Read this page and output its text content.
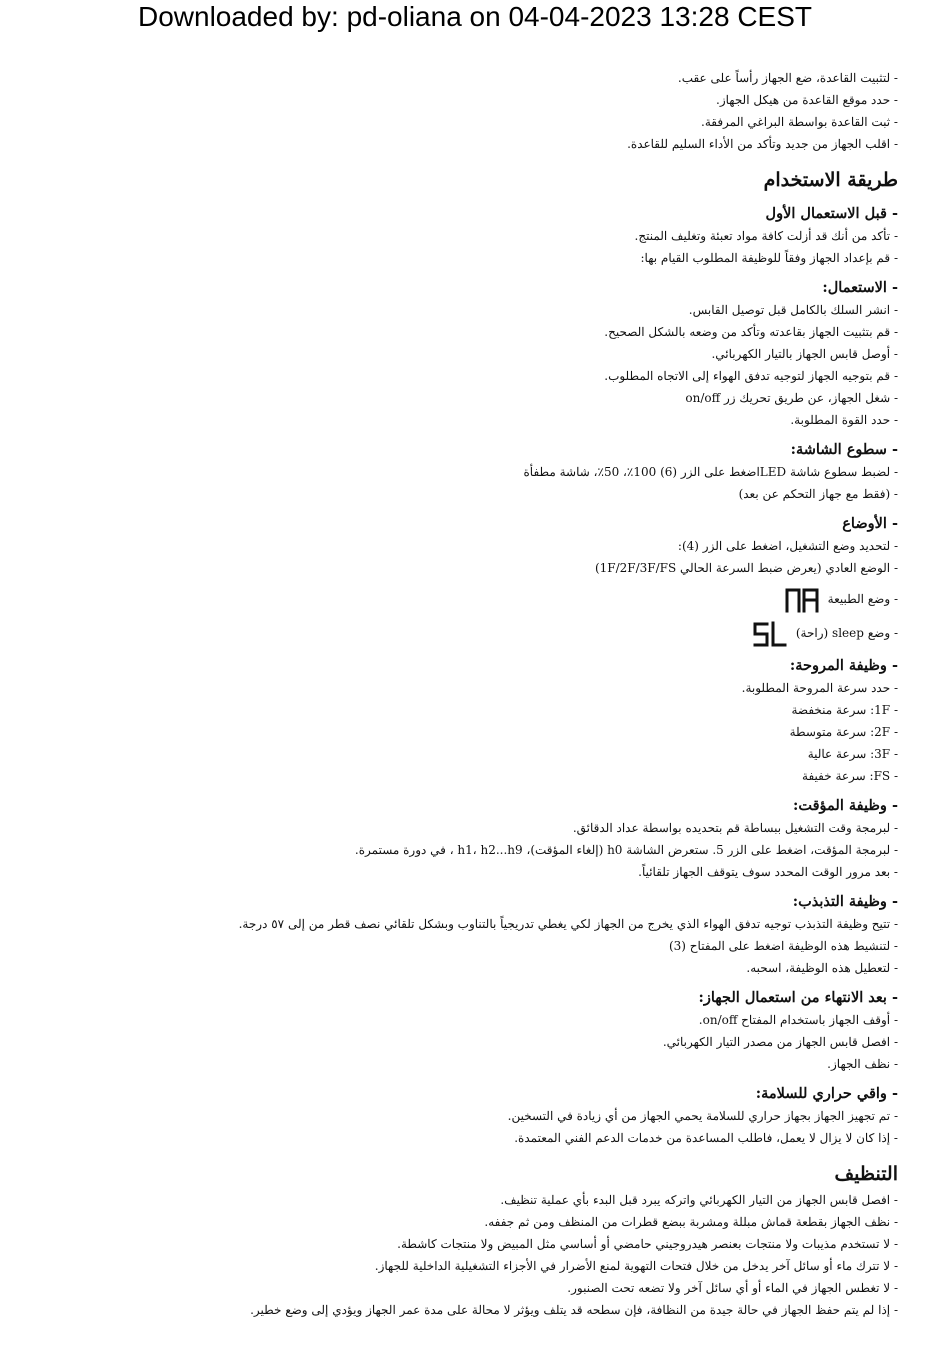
Downloaded by: pd-oliana on 04-04-2023 13:28 CEST
- لتثبيت القاعدة، ضع الجهاز رأساً على عقب.
- حدد موقع القاعدة من هيكل الجهاز.
- ثبت القاعدة بواسطة البراغي المرفقة.
- اقلب الجهاز من جديد وتأكد من الأداء السليم للقاعدة.
طريقة الاستخدام
- قبل الاستعمال الأول
- تأكد من أنك قد أزلت كافة مواد تعبئة وتغليف المنتج.
- قم بإعداد الجهاز وفقاً للوظيفة المطلوب القيام بها:
- الاستعمال:
- انشر السلك بالكامل قبل توصيل القابس.
- قم بتثبيت الجهاز بقاعدته وتأكد من وضعه بالشكل الصحيح.
- أوصل قابس الجهاز بالتيار الكهربائي.
- قم بتوجيه الجهاز لتوجيه تدفق الهواء إلى الاتجاه المطلوب.
- شغل الجهاز، عن طريق تحريك زر on/off
- حدد القوة المطلوبة.
- سطوع الشاشة:
- لضبط سطوع شاشة LEDاضغط على الزر (6) 100٪، 50٪، شاشة مطفأة
- (فقط مع جهاز التحكم عن بعد)
- الأوضاع
- لتحديد وضع التشغيل، اضغط على الزر (4):
- الوضع العادي (يعرض ضبط السرعة الحالي 1F/2F/3F/FS)
- وضع الطبيعة
- وضع sleep (راحة)
- وظيفة المروحة:
- حدد سرعة المروحة المطلوبة.
- 1F: سرعة منخفضة
- 2F: سرعة متوسطة
- 3F: سرعة عالية
- FS: سرعة خفيفة
- وظيفة المؤقت:
- لبرمجة وقت التشغيل ببساطة قم بتحديده بواسطة عداد الدقائق.
- لبرمجة المؤقت، اضغط على الزر 5. ستعرض الشاشة h0 (إلغاء المؤقت)، h1، h2...h9 ، في دورة مستمرة.
- بعد مرور الوقت المحدد سوف يتوقف الجهاز تلقائياً.
- وظيفة التذبذب:
- تتيح وظيفة التذبذب توجيه تدفق الهواء الذي يخرج من الجهاز لكي يغطي تدريجياً بالتناوب وبشكل تلقائي نصف قطر من إلى ٥٧ درجة.
- لتنشيط هذه الوظيفة اضغط على المفتاح (3)
- لتعطيل هذه الوظيفة، اسحبه.
- بعد الانتهاء من استعمال الجهاز:
- أوقف الجهاز باستخدام المفتاح on/off.
- افصل قابس الجهاز من مصدر التيار الكهربائي.
- نظف الجهاز.
- واقي حراري للسلامة:
- تم تجهيز الجهاز بجهاز حراري للسلامة يحمي الجهاز من أي زيادة في التسخين.
- إذا كان لا يزال لا يعمل، فاطلب المساعدة من خدمات الدعم الفني المعتمدة.
التنظيف
- افصل قابس الجهاز من التيار الكهربائي واتركه يبرد قبل البدء بأي عملية تنظيف.
- نظف الجهاز بقطعة قماش مبللة ومشربة ببضع قطرات من المنظف ومن ثم جففه.
- لا تستخدم مذيبات ولا منتجات بعنصر هيدروجيني حامضي أو أساسي مثل المبيض ولا منتجات كاشطة.
- لا تترك ماء أو سائل آخر يدخل من خلال فتحات التهوية لمنع الأضرار في الأجزاء التشغيلية الداخلية للجهاز.
- لا تغطس الجهاز في الماء أو أي سائل آخر ولا تضعه تحت الصنبور.
- إذا لم يتم حفظ الجهاز في حالة جيدة من النظافة، فإن سطحه قد يتلف ويؤثر لا محالة على مدة عمر الجهاز ويؤدي إلى وضع خطير.
